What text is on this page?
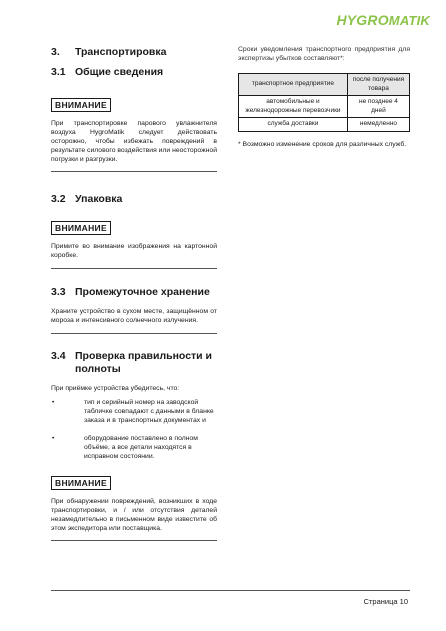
HYGROMATIK
3. Транспортировка
3.1 Общие сведения
ВНИМАНИЕ

При транспортировке парового увлажнителя воздуха HygroMatik следует действовать осторожно, чтобы избежать повреждений в результате силового воздействия или неосторожной погрузки и разгрузки.

3.2 Упаковка
ВНИМАНИЕ

Примите во внимание изображения на картонной коробке.

3.3 Промежуточное хранение

Храните устройство в сухом месте, защищённом от мороза и интенсивного солнечного излучения.

3.4 Проверка правильности и полноты

При приёмке устройства убедитесь, что:

•	тип и серийный номер на заводской табличке совпадают с данными в бланке заказа и в транспортных документах и
•	оборудование поставлено в полном объёме, а все детали находятся в исправном состоянии.
ВНИМАНИЕ

При обнаружении повреждений, возникших в ходе транспортировки, и / или отсутствия деталей незамедлительно в письменном виде известите об этом экспедитора или поставщика.

Сроки уведомления транспортного предприятия для экспертизы убытков составляют*:

транспортное предприятие	после получения товара
автомобильные и железнодорожные перевозчики	не позднее 4 дней
служба доставки	немедленно

* Возможно изменение сроков для различных служб.

Страница 10
